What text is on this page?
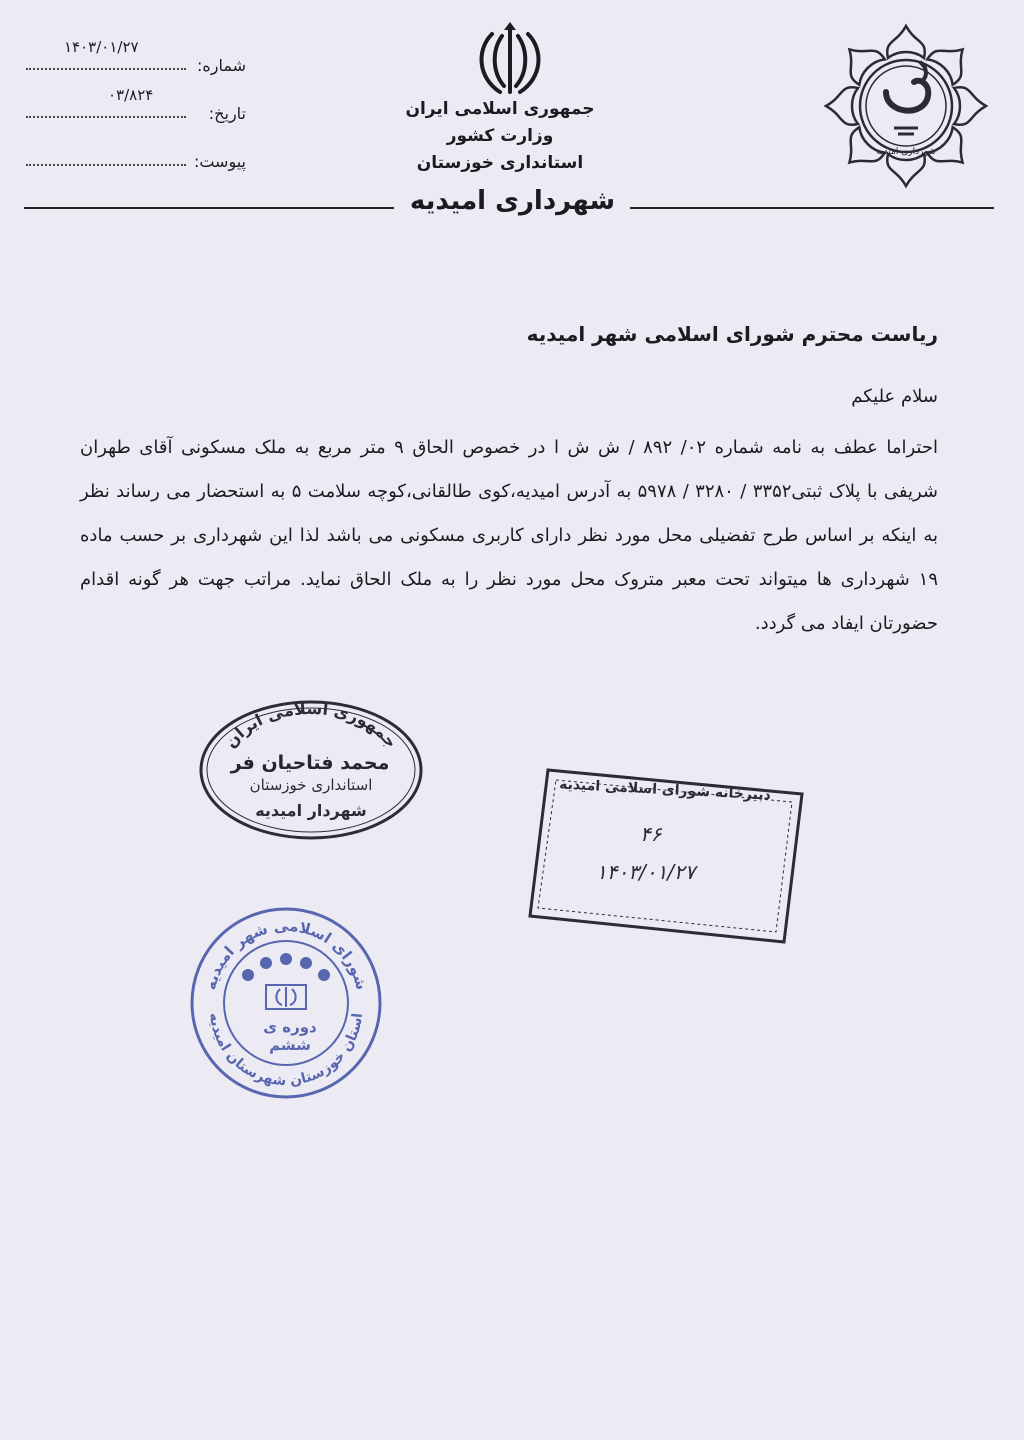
شماره:
۱۴۰۳/۰۱/۲۷
تاریخ:
۰۳/۸۲۴
پیوست:
جمهوری اسلامی ایران
وزارت کشور
استانداری خوزستان
شهرداری امیدیه
شهرداری امیدیه
ریاست محترم شورای اسلامی شهر امیدیه
سلام علیکم
احتراما عطف به نامه شماره ۰۲/ ۸۹۲ / ش ش ا در خصوص الحاق ۹ متر مربع به ملک مسکونی آقای طهران شریفی با پلاک ثبتی۳۳۵۲ / ۳۲۸۰ / ۵۹۷۸ به آدرس امیدیه،کوی طالقانی،کوچه سلامت ۵ به استحضار می رساند نظر به اینکه بر اساس طرح تفضیلی محل مورد نظر دارای کاربری مسکونی می باشد لذا این شهرداری بر حسب ماده ۱۹ شهرداری ها میتواند تحت معبر متروک محل مورد نظر را به ملک الحاق نماید. مراتب جهت هر گونه اقدام حضورتان ایفاد می گردد.
جمهوری اسلامی ایران
استانداری خوزستان
شهردار امیدیه
محمد فتاحیان فر
دبیرخانه شورای اسلامی امیدیه
۴۶
۱۴۰۳/۰۱/۲۷
شورای اسلامی شهر امیدیه
استان خوزستان شهرستان امیدیه
دوره ی ششم
